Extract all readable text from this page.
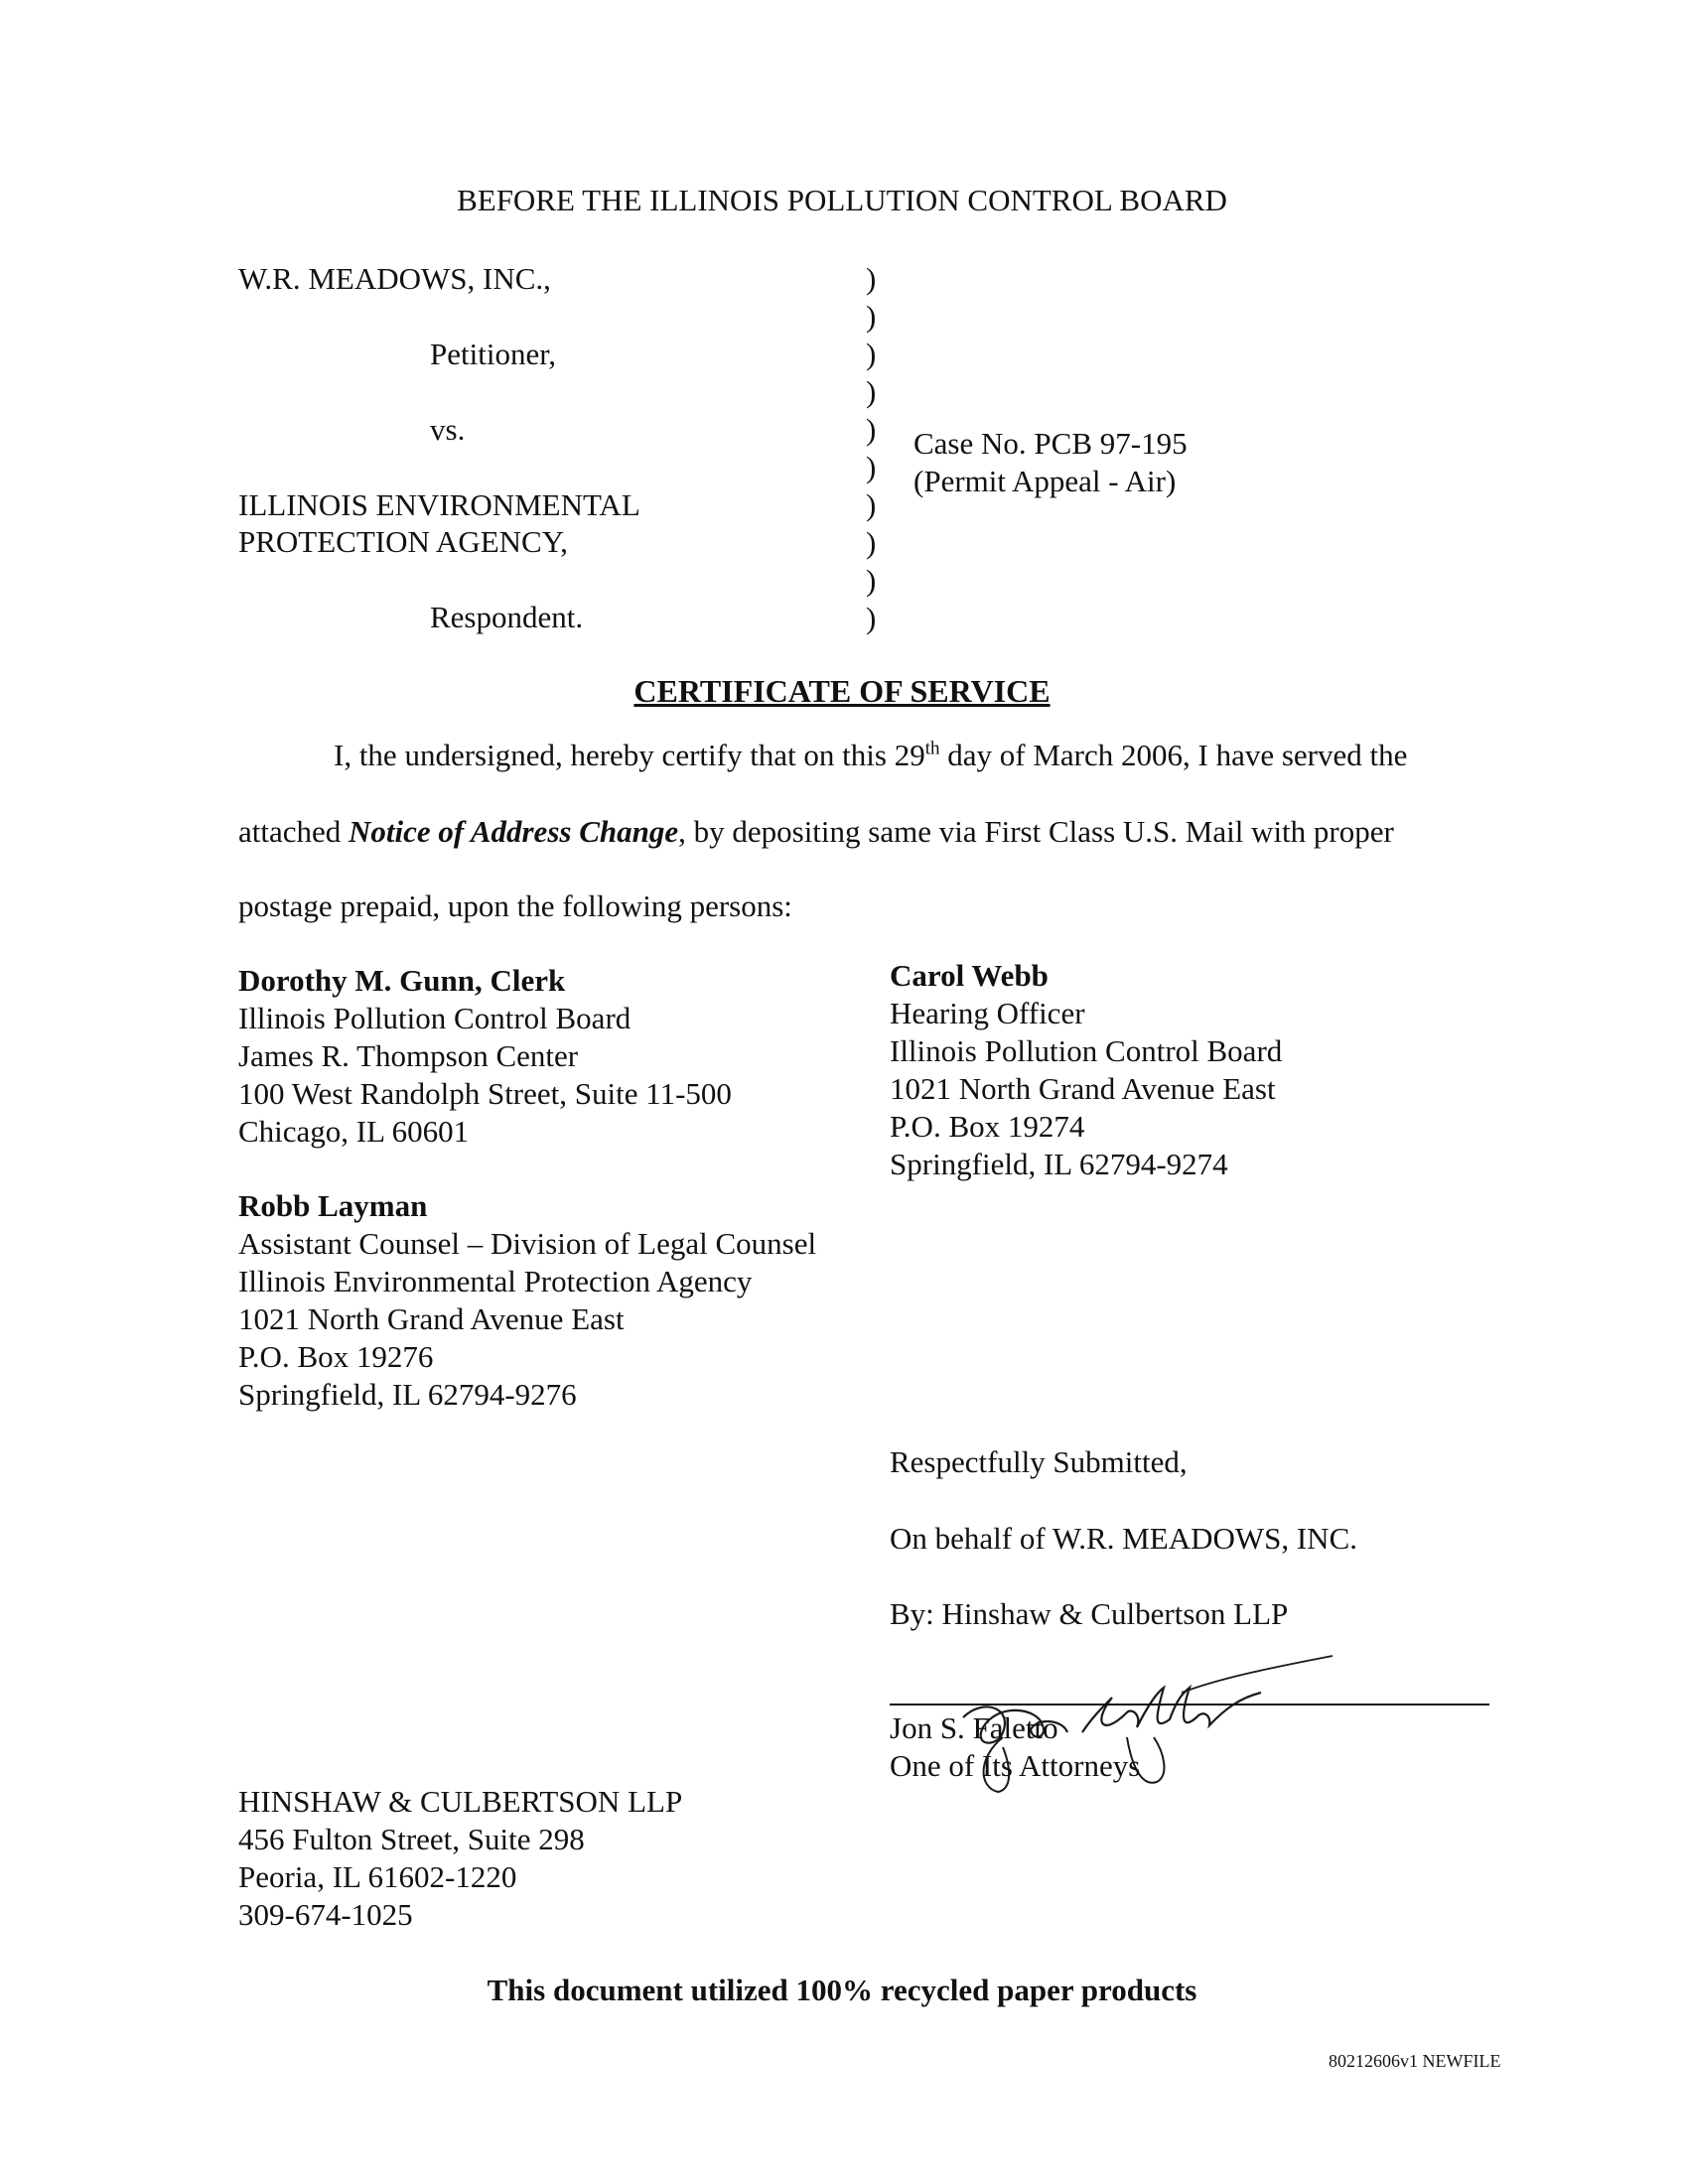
BEFORE THE ILLINOIS POLLUTION CONTROL BOARD
W.R. MEADOWS, INC.,
Petitioner,
vs.
ILLINOIS ENVIRONMENTAL
PROTECTION AGENCY,
Respondent.
)
)
)
)
)
)
)
)
)
)
Case No. PCB 97-195
(Permit Appeal - Air)
CERTIFICATE OF SERVICE
I, the undersigned, hereby certify that on this 29th day of March 2006, I have served the
attached Notice of Address Change, by depositing same via First Class U.S. Mail with proper
postage prepaid, upon the following persons:
Dorothy M. Gunn, Clerk
Illinois Pollution Control Board
James R. Thompson Center
100 West Randolph Street, Suite 11-500
Chicago, IL 60601
Carol Webb
Hearing Officer
Illinois Pollution Control Board
1021 North Grand Avenue East
P.O. Box 19274
Springfield, IL 62794-9274
Robb Layman
Assistant Counsel – Division of Legal Counsel
Illinois Environmental Protection Agency
1021 North Grand Avenue East
P.O. Box 19276
Springfield, IL 62794-9276
Respectfully Submitted,
On behalf of W.R. MEADOWS, INC.
By: Hinshaw & Culbertson LLP
Jon S. Faletto
One of Its Attorneys
HINSHAW & CULBERTSON LLP
456 Fulton Street, Suite 298
Peoria, IL 61602-1220
309-674-1025
This document utilized 100% recycled paper products
80212606v1 NEWFILE
